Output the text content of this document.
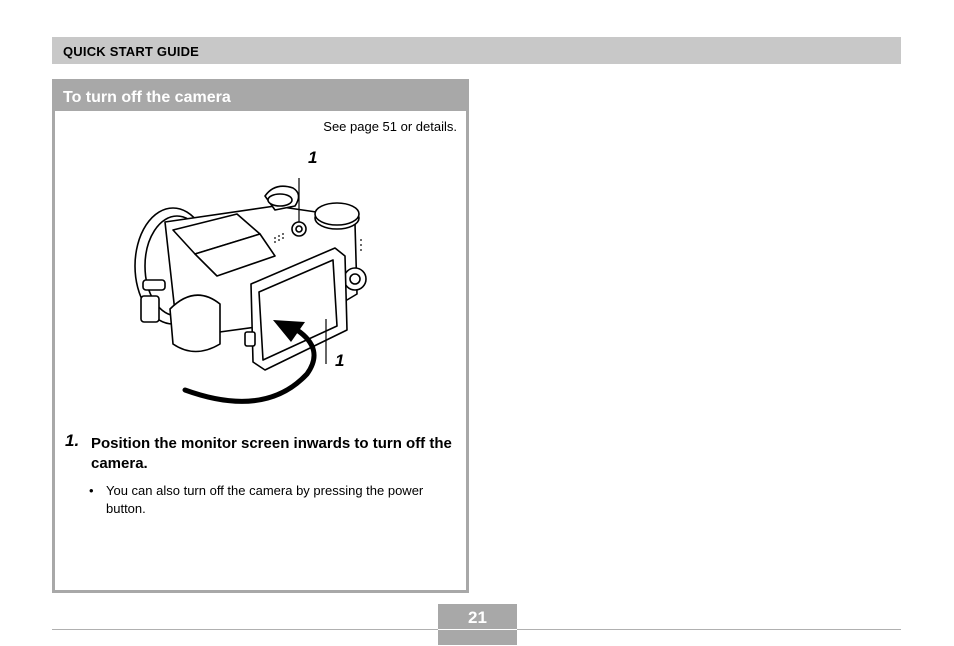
QUICK START GUIDE
To turn off the camera
See page 51 or details.
1
1
1. Position the monitor screen inwards to turn off the camera.
• You can also turn off the camera by pressing the power button.
21
